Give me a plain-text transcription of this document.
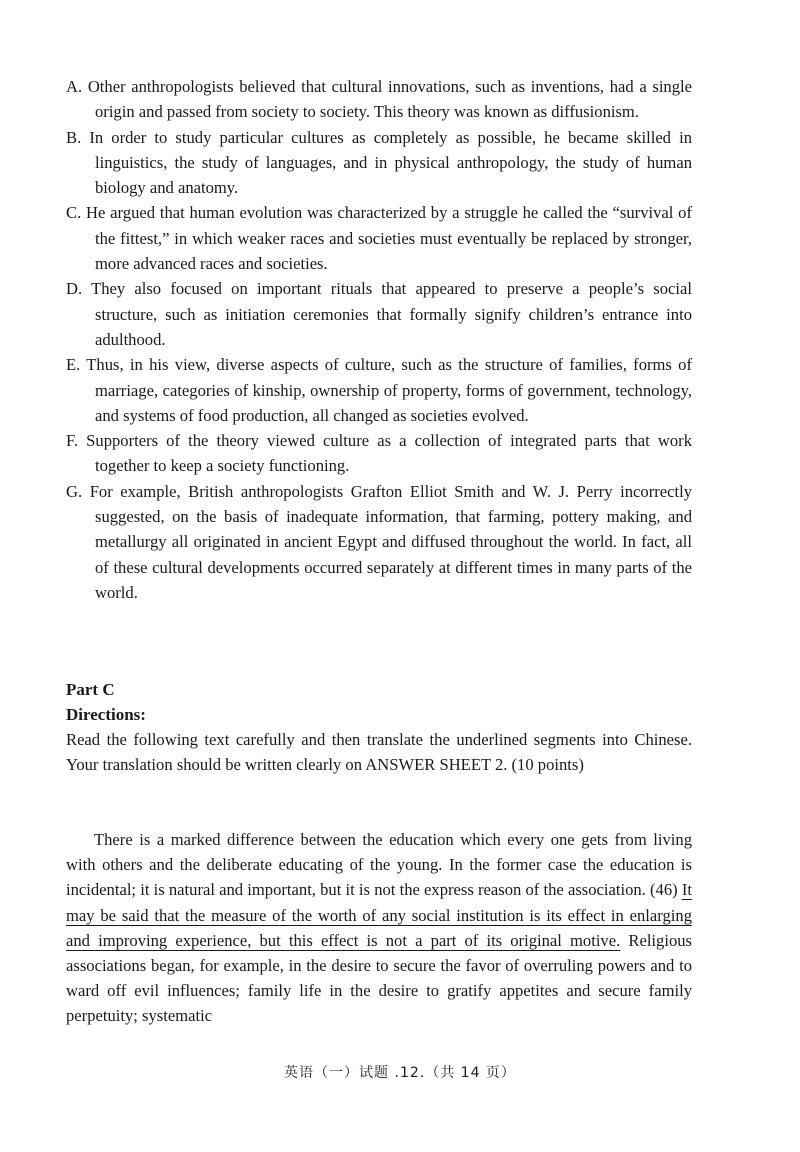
A. Other anthropologists believed that cultural innovations, such as inventions, had a single origin and passed from society to society. This theory was known as diffusionism.

B. In order to study particular cultures as completely as possible, he became skilled in linguistics, the study of languages, and in physical anthropology, the study of human biology and anatomy.

C. He argued that human evolution was characterized by a struggle he called the “survival of the fittest,” in which weaker races and societies must eventually be replaced by stronger, more advanced races and societies.

D. They also focused on important rituals that appeared to preserve a people’s social structure, such as initiation ceremonies that formally signify children’s entrance into adulthood.

E. Thus, in his view, diverse aspects of culture, such as the structure of families, forms of marriage, categories of kinship, ownership of property, forms of government, technology, and systems of food production, all changed as societies evolved.

F. Supporters of the theory viewed culture as a collection of integrated parts that work together to keep a society functioning.

G. For example, British anthropologists Grafton Elliot Smith and W. J. Perry incorrectly suggested, on the basis of inadequate information, that farming, pottery making, and metallurgy all originated in ancient Egypt and diffused throughout the world. In fact, all of these cultural developments occurred separately at different times in many parts of the world.

Part C

Directions:

Read the following text carefully and then translate the underlined segments into Chinese. Your translation should be written clearly on ANSWER SHEET 2. (10 points)

There is a marked difference between the education which every one gets from living with others and the deliberate educating of the young. In the former case the education is incidental; it is natural and important, but it is not the express reason of the association. (46) It may be said that the measure of the worth of any social institution is its effect in enlarging and improving experience, but this effect is not a part of its original motive. Religious associations began, for example, in the desire to secure the favor of overruling powers and to ward off evil influences; family life in the desire to gratify appetites and secure family perpetuity; systematic

英语（一）试题 .12.（共 14 页）
